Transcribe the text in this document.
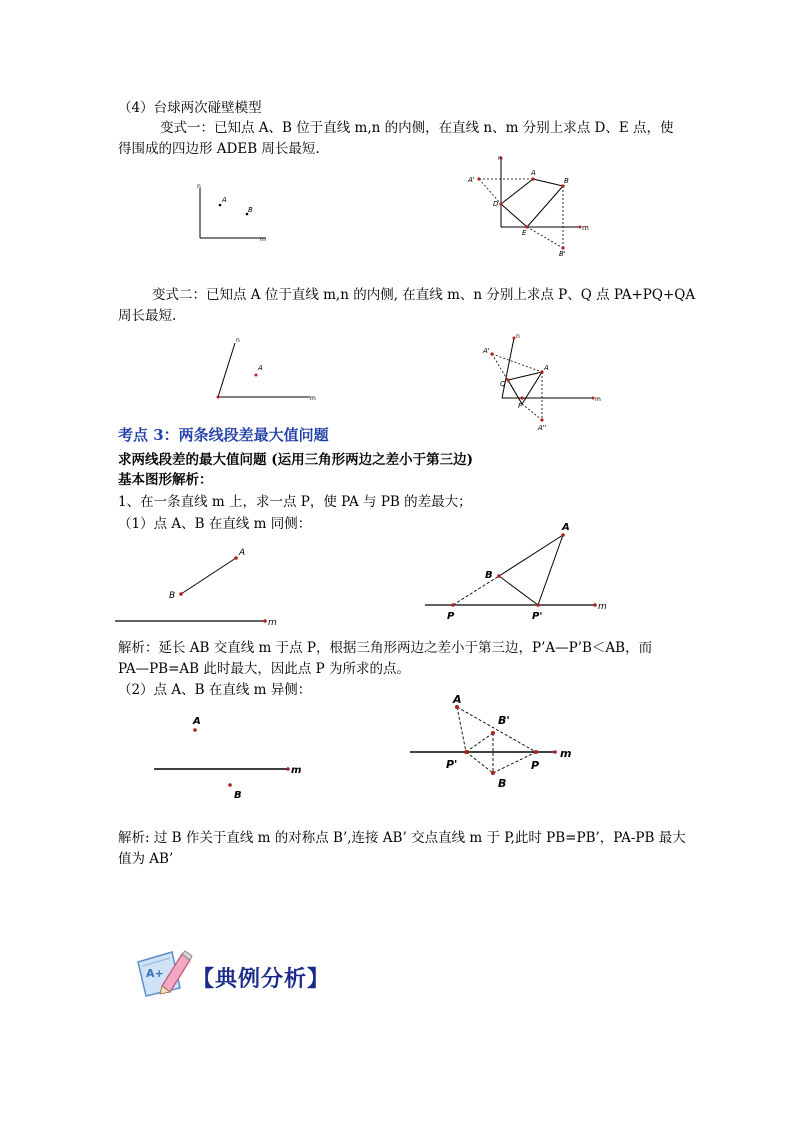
（4）台球两次碰壁模型
变式一：已知点 A、B 位于直线 m,n 的内侧，在直线 n、m 分别上求点 D、E 点，使
得围成的四边形 ADEB 周长最短.
n
m
A
B
n
m
A'
A
B
D
E
B'
变式二：已知点 A 位于直线 m,n 的内侧, 在直线 m、n 分别上求点 P、Q 点 PA+PQ+QA
周长最短.
n
m
A
n
m
A'
A
Q
P
A''
考点 3：两条线段差最大值问题
求两线段差的最大值问题 (运用三角形两边之差小于第三边)
基本图形解析：
1、在一条直线 m 上，求一点 P，使 PA 与 PB 的差最大；
（1）点 A、B 在直线 m 同侧：
m
A
B
m
A
B
P	P'
解析：延长 AB 交直线 m 于点 P，根据三角形两边之差小于第三边，P’A—P’B＜AB，而
PA—PB=AB 此时最大，因此点 P 为所求的点。
（2）点 A、B 在直线 m 异侧：
m
A
B
m
A
B'
P'	P
B
解析: 过 B 作关于直线 m 的对称点 B’,连接 AB’ 交点直线 m 于 P,此时 PB=PB’，PA-PB 最大
值为 AB’
A+ 【典例分析】
